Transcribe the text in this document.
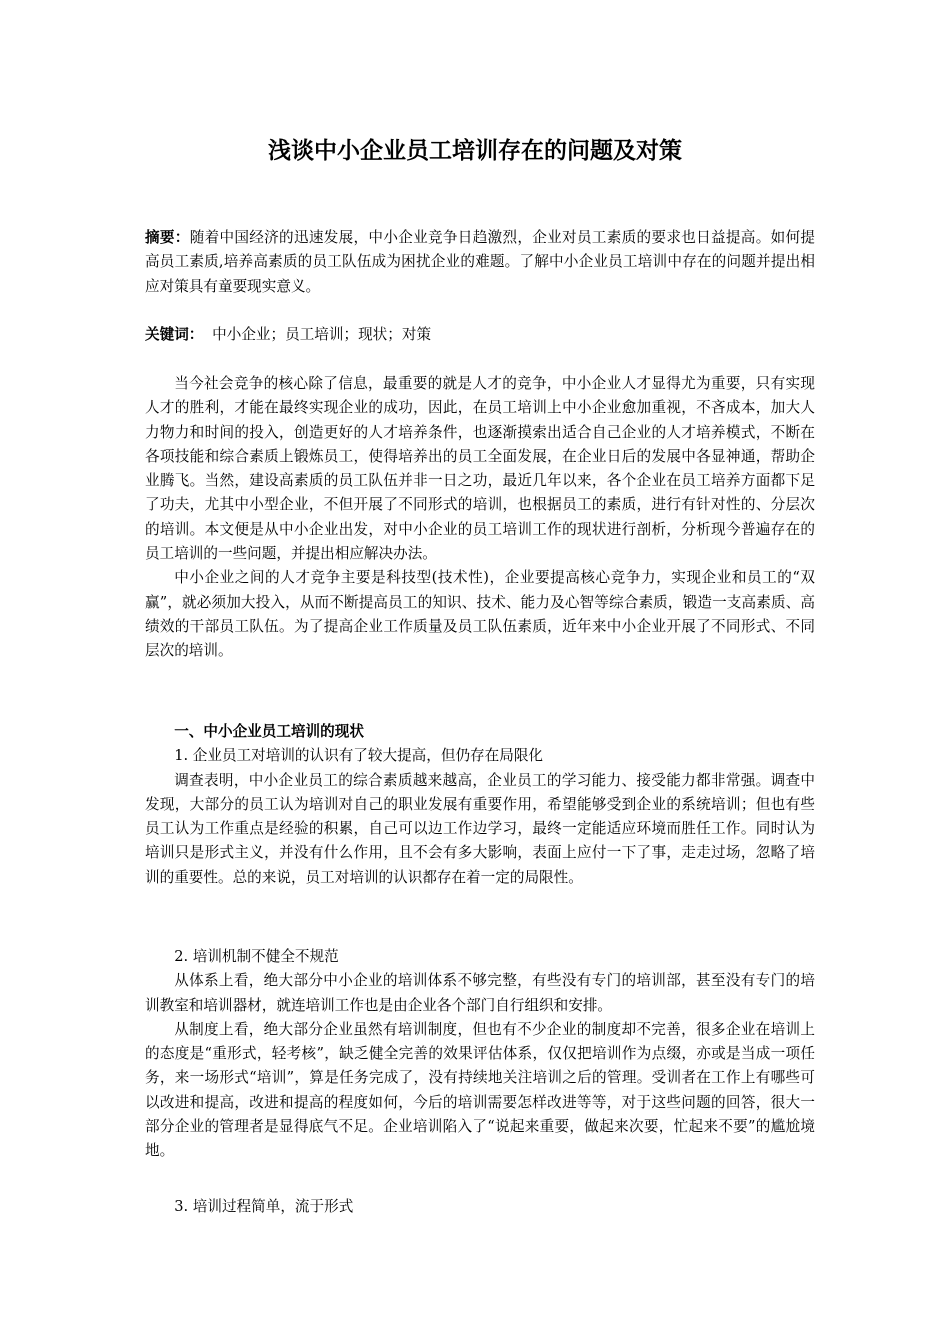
浅谈中小企业员工培训存在的问题及对策
摘要：随着中国经济的迅速发展，中小企业竞争日趋激烈，企业对员工素质的要求也日益提高。如何提高员工素质,培养高素质的员工队伍成为困扰企业的难题。了解中小企业员工培训中存在的问题并提出相应对策具有童要现实意义。
关键词： 中小企业；员工培训；现状；对策

当今社会竞争的核心除了信息，最重要的就是人才的竞争，中小企业人才显得尤为重要，只有实现人才的胜利，才能在最终实现企业的成功，因此，在员工培训上中小企业愈加重视，不吝成本，加大人力物力和时间的投入，创造更好的人才培养条件，也逐渐摸索出适合自己企业的人才培养模式，不断在各项技能和综合素质上锻炼员工，使得培养出的员工全面发展，在企业日后的发展中各显神通，帮助企业腾飞。当然，建设高素质的员工队伍并非一日之功，最近几年以来，各个企业在员工培养方面都下足了功夫，尤其中小型企业，不但开展了不同形式的培训，也根据员工的素质，进行有针对性的、分层次的培训。本文便是从中小企业出发，对中小企业的员工培训工作的现状进行剖析，分析现今普遍存在的员工培训的一些问题，并提出相应解决办法。

中小企业之间的人才竞争主要是科技型(技术性)，企业要提高核心竞争力，实现企业和员工的“双赢”，就必须加大投入，从而不断提高员工的知识、技术、能力及心智等综合素质，锻造一支高素质、高绩效的干部员工队伍。为了提高企业工作质量及员工队伍素质，近年来中小企业开展了不同形式、不同层次的培训。

一、中小企业员工培训的现状

1. 企业员工对培训的认识有了较大提高，但仍存在局限化

调查表明，中小企业员工的综合素质越来越高，企业员工的学习能力、接受能力都非常强。调查中发现，大部分的员工认为培训对自己的职业发展有重要作用，希望能够受到企业的系统培训；但也有些员工认为工作重点是经验的积累，自己可以边工作边学习，最终一定能适应环境而胜任工作。同时认为培训只是形式主义，并没有什么作用，且不会有多大影响，表面上应付一下了事，走走过场，忽略了培训的重要性。总的来说，员工对培训的认识都存在着一定的局限性。

2. 培训机制不健全不规范

从体系上看，绝大部分中小企业的培训体系不够完整，有些没有专门的培训部，甚至没有专门的培训教室和培训器材，就连培训工作也是由企业各个部门自行组织和安排。

从制度上看，绝大部分企业虽然有培训制度，但也有不少企业的制度却不完善，很多企业在培训上的态度是“重形式，轻考核”，缺乏健全完善的效果评估体系，仅仅把培训作为点缀，亦或是当成一项任务，来一场形式“培训”，算是任务完成了，没有持续地关注培训之后的管理。受训者在工作上有哪些可以改进和提高，改进和提高的程度如何，今后的培训需要怎样改进等等，对于这些问题的回答，很大一部分企业的管理者是显得底气不足。企业培训陷入了“说起来重要，做起来次要，忙起来不要”的尴尬境地。

3. 培训过程简单，流于形式
